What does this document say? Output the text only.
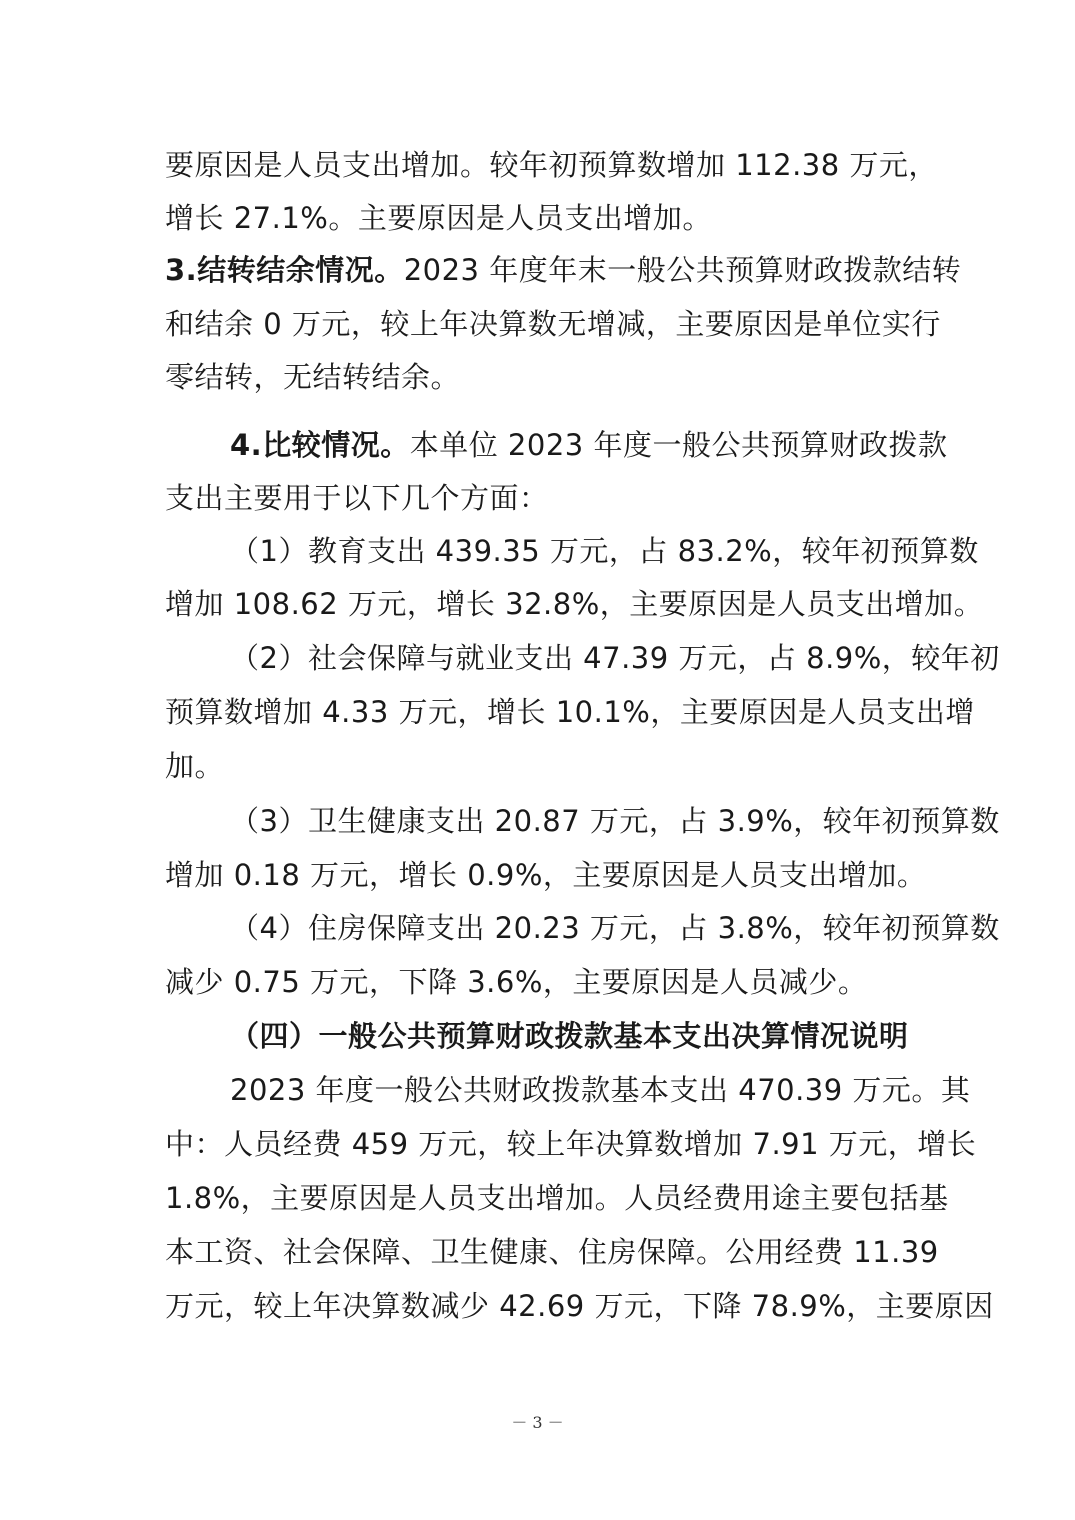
要原因是人员支出增加。较年初预算数增加 112.38 万元，
增长 27.1%。主要原因是人员支出增加。
3.结转结余情况。2023 年度年末一般公共预算财政拨款结转
和结余 0 万元，较上年决算数无增减，主要原因是单位实行
零结转，无结转结余。
4.比较情况。本单位 2023 年度一般公共预算财政拨款
支出主要用于以下几个方面：
（1）教育支出 439.35 万元，占 83.2%，较年初预算数
增加 108.62 万元，增长 32.8%，主要原因是人员支出增加。
（2）社会保障与就业支出 47.39 万元，占 8.9%，较年初
预算数增加 4.33 万元，增长 10.1%，主要原因是人员支出增
加。
（3）卫生健康支出 20.87 万元，占 3.9%，较年初预算数
增加 0.18 万元，增长 0.9%，主要原因是人员支出增加。
（4）住房保障支出 20.23 万元，占 3.8%，较年初预算数
减少 0.75 万元，下降 3.6%，主要原因是人员减少。
（四）一般公共预算财政拨款基本支出决算情况说明
2023 年度一般公共财政拨款基本支出 470.39 万元。其
中：人员经费 459 万元，较上年决算数增加 7.91 万元，增长
1.8%，主要原因是人员支出增加。人员经费用途主要包括基
本工资、社会保障、卫生健康、住房保障。公用经费 11.39
万元，较上年决算数减少 42.69 万元，下降 78.9%，主要原因
－ 3 －
